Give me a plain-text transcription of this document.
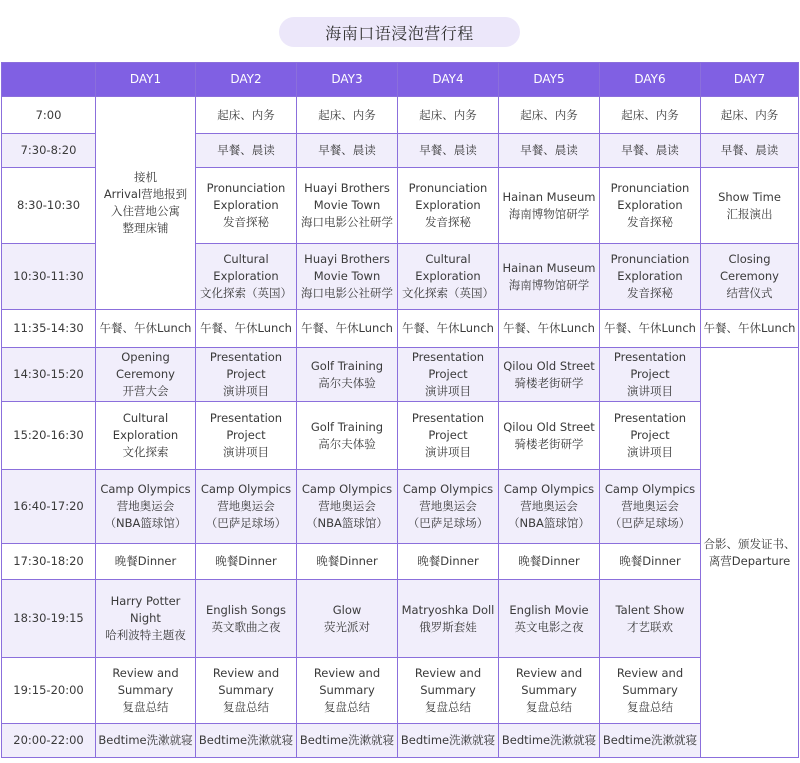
海南口语浸泡营行程
	DAY1	DAY2	DAY3	DAY4	DAY5	DAY6	DAY7
7:00	接机
Arrival营地报到
入住营地公寓
整理床铺	起床、内务	起床、内务	起床、内务	起床、内务	起床、内务	起床、内务

7:30-8:20		早餐、晨读	早餐、晨读	早餐、晨读	早餐、晨读	早餐、晨读	早餐、晨读

8:30-10:30		Pronunciation
Exploration
发音探秘	Huayi Brothers
Movie Town
海口电影公社研学	Pronunciation
Exploration
发音探秘	Hainan Museum
海南博物馆研学	Pronunciation
Exploration
发音探秘	Show Time
汇报演出

10:30-11:30		Cultural
Exploration
文化探索（英国）	Huayi Brothers
Movie Town
海口电影公社研学	Cultural
Exploration
文化探索（英国）	Hainan Museum
海南博物馆研学	Pronunciation
Exploration
发音探秘	Closing
Ceremony
结营仪式

11:35-14:30	午餐、午休Lunch	午餐、午休Lunch	午餐、午休Lunch	午餐、午休Lunch	午餐、午休Lunch	午餐、午休Lunch	午餐、午休Lunch

14:30-15:20	Opening
Ceremony
开营大会	Presentation
Project
演讲项目	Golf Training
高尔夫体验	Presentation
Project
演讲项目	Qilou Old Street
骑楼老街研学	Presentation
Project
演讲项目	合影、颁发证书、
离营Departure

15:20-16:30	Cultural
Exploration
文化探索	Presentation
Project
演讲项目	Golf Training
高尔夫体验	Presentation
Project
演讲项目	Qilou Old Street
骑楼老街研学	Presentation
Project
演讲项目	

16:40-17:20	Camp Olympics
营地奥运会
（NBA篮球馆）	Camp Olympics
营地奥运会
（巴萨足球场）	Camp Olympics
营地奥运会
（NBA篮球馆）	Camp Olympics
营地奥运会
（巴萨足球场）	Camp Olympics
营地奥运会
（NBA篮球馆）	Camp Olympics
营地奥运会
（巴萨足球场）	

17:30-18:20	晚餐Dinner	晚餐Dinner	晚餐Dinner	晚餐Dinner	晚餐Dinner	晚餐Dinner	

18:30-19:15	Harry Potter
Night
哈利波特主题夜	English Songs
英文歌曲之夜	Glow
荧光派对	Matryoshka Doll
俄罗斯套娃	English Movie
英文电影之夜	Talent Show
才艺联欢	

19:15-20:00	Review and
Summary
复盘总结	Review and
Summary
复盘总结	Review and
Summary
复盘总结	Review and
Summary
复盘总结	Review and
Summary
复盘总结	Review and
Summary
复盘总结	

20:00-22:00	Bedtime洗漱就寝	Bedtime洗漱就寝	Bedtime洗漱就寝	Bedtime洗漱就寝	Bedtime洗漱就寝	Bedtime洗漱就寝	
